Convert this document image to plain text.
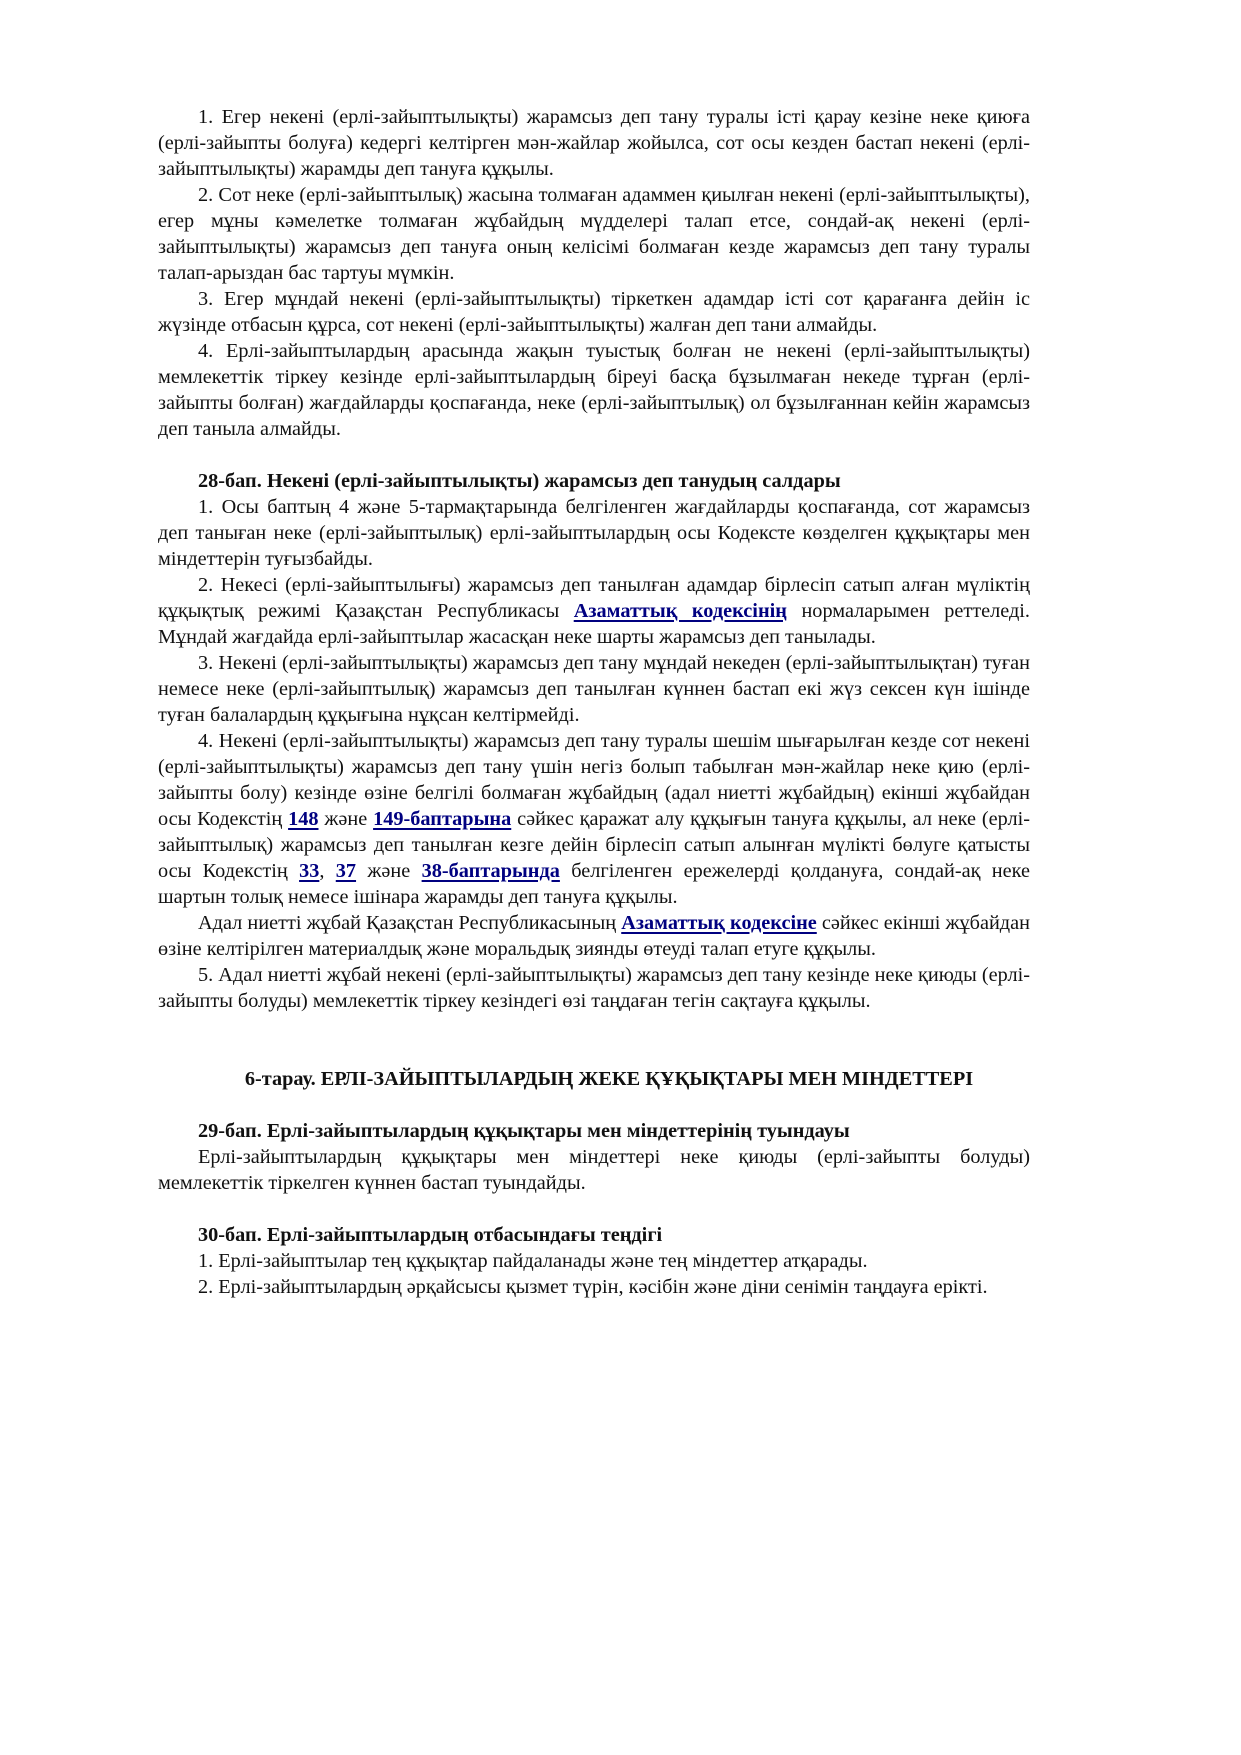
1. Егер некені (ерлі-зайыптылықты) жарамсыз деп тану туралы істі қарау кезіне неке қиюға (ерлі-зайыпты болуға) кедергі келтірген мән-жайлар жойылса, сот осы кезден бастап некені (ерлі-зайыптылықты) жарамды деп тануға құқылы.

2. Сот неке (ерлі-зайыптылық) жасына толмаған адаммен қиылған некені (ерлі-зайыптылықты), егер мұны кәмелетке толмаған жұбайдың мүдделері талап етсе, сондай-ақ некені (ерлі-зайыптылықты) жарамсыз деп тануға оның келісімі болмаған кезде жарамсыз деп тану туралы талап-арыздан бас тартуы мүмкін.

3. Егер мұндай некені (ерлі-зайыптылықты) тіркеткен адамдар істі сот қарағанға дейін іс жүзінде отбасын құрса, сот некені (ерлі-зайыптылықты) жалған деп тани алмайды.

4. Ерлі-зайыптылардың арасында жақын туыстық болған не некені (ерлі-зайыптылықты) мемлекеттік тіркеу кезінде ерлі-зайыптылардың біреуі басқа бұзылмаған некеде тұрған (ерлі-зайыпты болған) жағдайларды қоспағанда, неке (ерлі-зайыптылық) ол бұзылғаннан кейін жарамсыз деп таныла алмайды.

28-бап. Некені (ерлі-зайыптылықты) жарамсыз деп танудың салдары

1. Осы баптың 4 және 5-тармақтарында белгіленген жағдайларды қоспағанда, сот жарамсыз деп таныған неке (ерлі-зайыптылық) ерлі-зайыптылардың осы Кодексте көзделген құқықтары мен міндеттерін туғызбайды.

2. Некесі (ерлі-зайыптылығы) жарамсыз деп танылған адамдар бірлесіп сатып алған мүліктің құқықтық режимі Қазақстан Республикасы Азаматтық кодексінің нормаларымен реттеледі. Мұндай жағдайда ерлі-зайыптылар жасасқан неке шарты жарамсыз деп танылады.

3. Некені (ерлі-зайыптылықты) жарамсыз деп тану мұндай некеден (ерлі-зайыптылықтан) туған немесе неке (ерлі-зайыптылық) жарамсыз деп танылған күннен бастап екі жүз сексен күн ішінде туған балалардың құқығына нұқсан келтірмейді.

4. Некені (ерлі-зайыптылықты) жарамсыз деп тану туралы шешім шығарылған кезде сот некені (ерлі-зайыптылықты) жарамсыз деп тану үшін негіз болып табылған мән-жайлар неке қию (ерлі-зайыпты болу) кезінде өзіне белгілі болмаған жұбайдың (адал ниетті жұбайдың) екінші жұбайдан осы Кодекстің 148 және 149-баптарына сәйкес қаражат алу құқығын тануға құқылы, ал неке (ерлі-зайыптылық) жарамсыз деп танылған кезге дейін бірлесіп сатып алынған мүлікті бөлуге қатысты осы Кодекстің 33, 37 және 38-баптарында белгіленген ережелерді қолдануға, сондай-ақ неке шартын толық немесе ішінара жарамды деп тануға құқылы.

Адал ниетті жұбай Қазақстан Республикасының Азаматтық кодексіне сәйкес екінші жұбайдан өзіне келтірілген материалдық және моральдық зиянды өтеуді талап етуге құқылы.

5. Адал ниетті жұбай некені (ерлі-зайыптылықты) жарамсыз деп тану кезінде неке қиюды (ерлі-зайыпты болуды) мемлекеттік тіркеу кезіндегі өзі таңдаған тегін сақтауға құқылы.

6-тарау. ЕРЛІ-ЗАЙЫПТЫЛАРДЫҢ ЖЕКЕ ҚҰҚЫҚТАРЫ МЕН МІНДЕТТЕРІ

29-бап. Ерлі-зайыптылардың құқықтары мен міндеттерінің туындауы

Ерлі-зайыптылардың құқықтары мен міндеттері неке қиюды (ерлі-зайыпты болуды) мемлекеттік тіркелген күннен бастап туындайды.

30-бап. Ерлі-зайыптылардың отбасындағы теңдігі

1. Ерлі-зайыптылар тең құқықтар пайдаланады және тең міндеттер атқарады.

2. Ерлі-зайыптылардың әрқайсысы қызмет түрін, кәсібін және діни сенімін таңдауға ерікті.
